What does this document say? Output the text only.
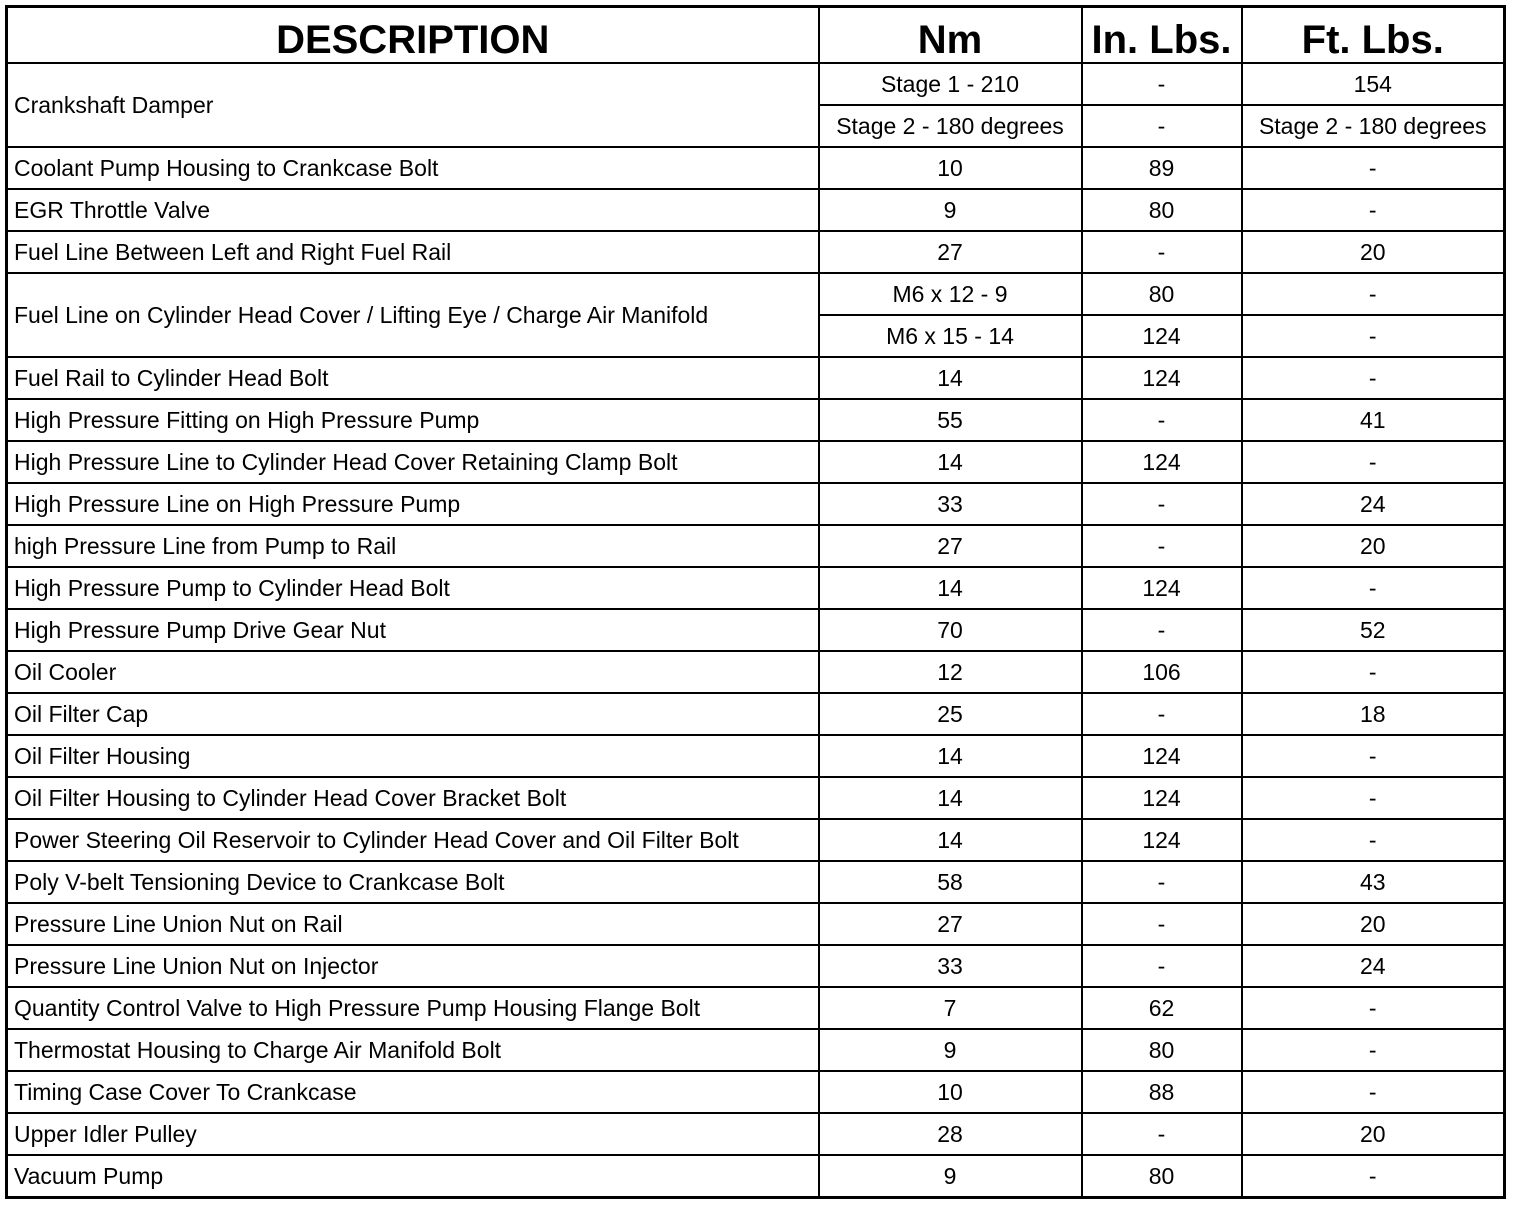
DESCRIPTION	Nm	In. Lbs.	Ft. Lbs.
Crankshaft Damper	Stage 1 - 210	-	154
	Stage 2 - 180 degrees	-	Stage 2 - 180 degrees
Coolant Pump Housing to Crankcase Bolt	10	89	-
EGR Throttle Valve	9	80	-
Fuel Line Between Left and Right Fuel Rail	27	-	20
Fuel Line on Cylinder Head Cover / Lifting Eye / Charge Air Manifold	M6 x 12 - 9	80	-
	M6 x 15 - 14	124	-
Fuel Rail to Cylinder Head Bolt	14	124	-
High Pressure Fitting on High Pressure Pump	55	-	41
High Pressure Line to Cylinder Head Cover Retaining Clamp Bolt	14	124	-
High Pressure Line on High Pressure Pump	33	-	24
high Pressure Line from Pump to Rail	27	-	20
High Pressure Pump to Cylinder Head Bolt	14	124	-
High Pressure Pump Drive Gear Nut	70	-	52
Oil Cooler	12	106	-
Oil Filter Cap	25	-	18
Oil Filter Housing	14	124	-
Oil Filter Housing to Cylinder Head Cover Bracket Bolt	14	124	-
Power Steering Oil Reservoir to Cylinder Head Cover and Oil Filter Bolt	14	124	-
Poly V-belt Tensioning Device to Crankcase Bolt	58	-	43
Pressure Line Union Nut on Rail	27	-	20
Pressure Line Union Nut on Injector	33	-	24
Quantity Control Valve to High Pressure Pump Housing Flange Bolt	7	62	-
Thermostat Housing to Charge Air Manifold Bolt	9	80	-
Timing Case Cover To Crankcase	10	88	-
Upper Idler Pulley	28	-	20
Vacuum Pump	9	80	-
